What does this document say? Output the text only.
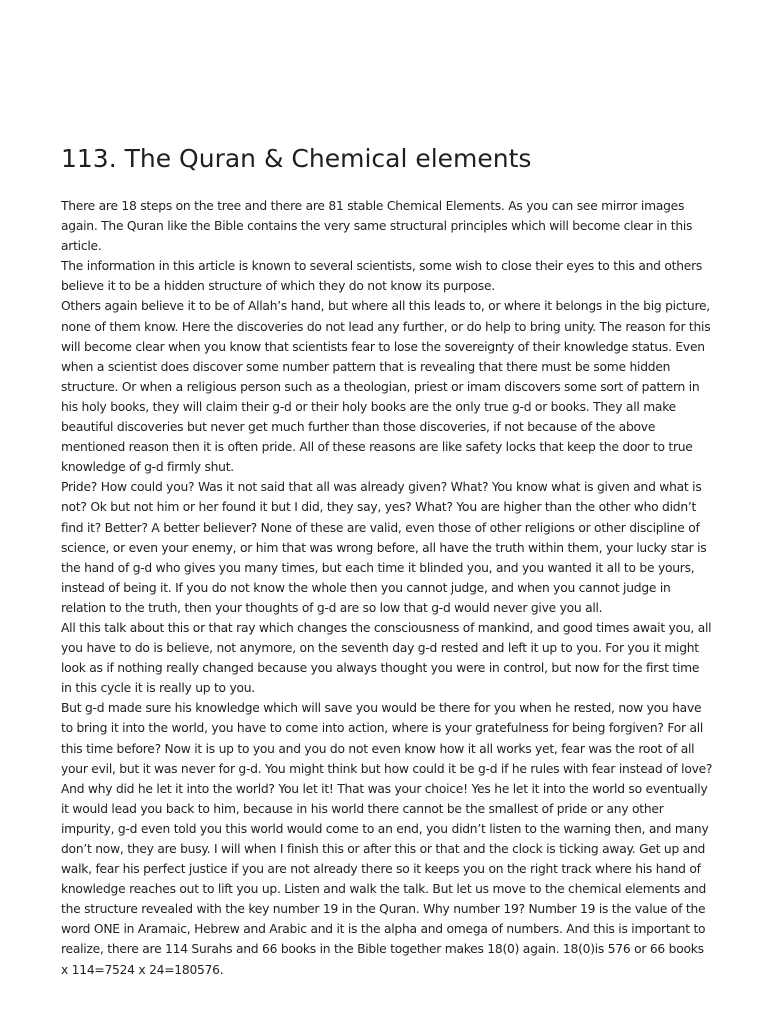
113. The Quran & Chemical elements

There are 18 steps on the tree and there are 81 stable Chemical Elements. As you can see mirror images again. The Quran like the Bible contains the very same structural principles which will become clear in this article.

The information in this article is known to several scientists, some wish to close their eyes to this and others believe it to be a hidden structure of which they do not know its purpose.

Others again believe it to be of Allah’s hand, but where all this leads to, or where it belongs in the big picture, none of them know. Here the discoveries do not lead any further, or do help to bring unity. The reason for this will become clear when you know that scientists fear to lose the sovereignty of their knowledge status. Even when a scientist does discover some number pattern that is revealing that there must be some hidden structure. Or when a religious person such as a theologian, priest or imam discovers some sort of pattern in his holy books, they will claim their g-d or their holy books are the only true g-d or books. They all make beautiful discoveries but never get much further than those discoveries, if not because of the above mentioned reason then it is often pride. All of these reasons are like safety locks that keep the door to true knowledge of g-d firmly shut.

Pride? How could you? Was it not said that all was already given? What? You know what is given and what is not? Ok but not him or her found it but I did, they say, yes? What? You are higher than the other who didn’t find it? Better? A better believer? None of these are valid, even those of other religions or other discipline of science, or even your enemy, or him that was wrong before, all have the truth within them, your lucky star is the hand of g-d who gives you many times, but each time it blinded you, and you wanted it all to be yours, instead of being it. If you do not know the whole then you cannot judge, and when you cannot judge in relation to the truth, then your thoughts of g-d are so low that g-d would never give you all.

All this talk about this or that ray which changes the consciousness of mankind, and good times await you, all you have to do is believe, not anymore, on the seventh day g-d rested and left it up to you. For you it might look as if nothing really changed because you always thought you were in control, but now for the first time in this cycle it is really up to you.

But g-d made sure his knowledge which will save you would be there for you when he rested, now you have to bring it into the world, you have to come into action, where is your gratefulness for being forgiven? For all this time before? Now it is up to you and you do not even know how it all works yet, fear was the root of all your evil, but it was never for g-d. You might think but how could it be g-d if he rules with fear instead of love? And why did he let it into the world? You let it! That was your choice! Yes he let it into the world so eventually it would lead you back to him, because in his world there cannot be the smallest of pride or any other impurity, g-d even told you this world would come to an end, you didn’t listen to the warning then, and many don’t now, they are busy. I will when I finish this or after this or that and the clock is ticking away. Get up and walk, fear his perfect justice if you are not already there so it keeps you on the right track where his hand of knowledge reaches out to lift you up. Listen and walk the talk. But let us move to the chemical elements and the structure revealed with the key number 19 in the Quran. Why number 19? Number 19 is the value of the word ONE in Aramaic, Hebrew and Arabic and it is the alpha and omega of numbers. And this is important to realize, there are 114 Surahs and 66 books in the Bible together makes 18(0) again. 18(0)is 576 or 66 books x 114=7524 x 24=180576.
